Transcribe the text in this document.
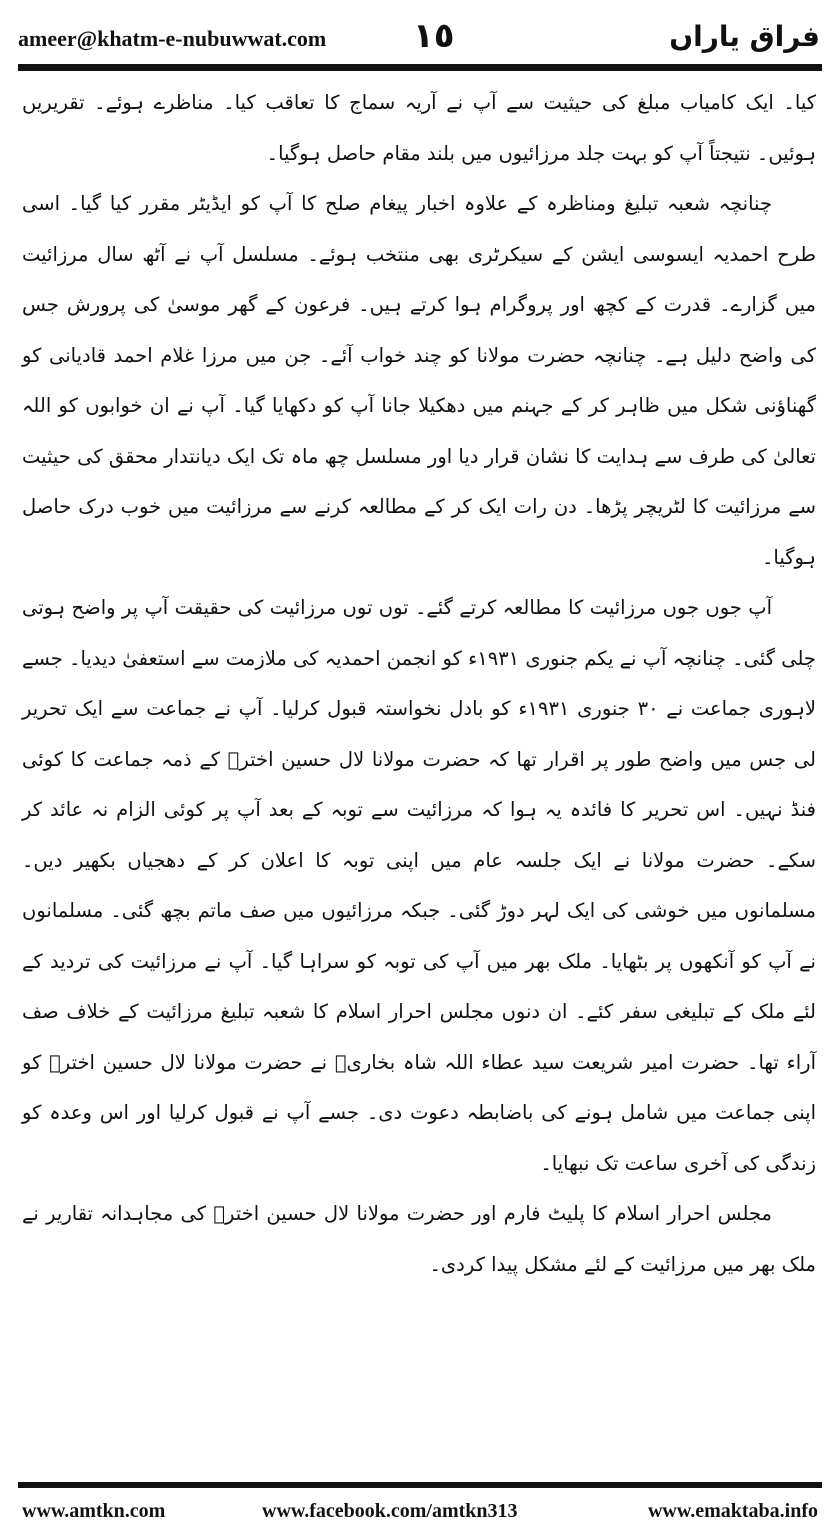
ameer@khatm-e-nubuwwat.com	١٥	فراق یاراں

کیا۔ ایک کامیاب مبلغ کی حیثیت سے آپ نے آریہ سماج کا تعاقب کیا۔ مناظرے ہوئے۔ تقریریں ہوئیں۔ نتیجتاً آپ کو بہت جلد مرزائیوں میں بلند مقام حاصل ہوگیا۔

چنانچہ شعبہ تبلیغ ومناظرہ کے علاوہ اخبار پیغام صلح کا آپ کو ایڈیٹر مقرر کیا گیا۔ اسی طرح احمدیہ ایسوسی ایشن کے سیکرٹری بھی منتخب ہوئے۔ مسلسل آپ نے آٹھ سال مرزائیت میں گزارے۔ قدرت کے کچھ اور پروگرام ہوا کرتے ہیں۔ فرعون کے گھر موسیٰ کی پرورش جس کی واضح دلیل ہے۔ چنانچہ حضرت مولانا کو چند خواب آئے۔ جن میں مرزا غلام احمد قادیانی کو گھناؤنی شکل میں ظاہر کر کے جہنم میں دھکیلا جانا آپ کو دکھایا گیا۔ آپ نے ان خوابوں کو اللہ تعالیٰ کی طرف سے ہدایت کا نشان قرار دیا اور مسلسل چھ ماہ تک ایک دیانتدار محقق کی حیثیت سے مرزائیت کا لٹریچر پڑھا۔ دن رات ایک کر کے مطالعہ کرنے سے مرزائیت میں خوب درک حاصل ہوگیا۔

آپ جوں جوں مرزائیت کا مطالعہ کرتے گئے۔ توں توں مرزائیت کی حقیقت آپ پر واضح ہوتی چلی گئی۔ چنانچہ آپ نے یکم جنوری ۱۹۳۱ء کو انجمن احمدیہ کی ملازمت سے استعفیٰ دیدیا۔ جسے لاہوری جماعت نے ۳۰ جنوری ۱۹۳۱ء کو بادل نخواستہ قبول کرلیا۔ آپ نے جماعت سے ایک تحریر لی جس میں واضح طور پر اقرار تھا کہ حضرت مولانا لال حسین اخترؒ کے ذمہ جماعت کا کوئی فنڈ نہیں۔ اس تحریر کا فائدہ یہ ہوا کہ مرزائیت سے توبہ کے بعد آپ پر کوئی الزام نہ عائد کر سکے۔ حضرت مولانا نے ایک جلسہ عام میں اپنی توبہ کا اعلان کر کے دھجیاں بکھیر دیں۔ مسلمانوں میں خوشی کی ایک لہر دوڑ گئی۔ جبکہ مرزائیوں میں صف ماتم بچھ گئی۔ مسلمانوں نے آپ کو آنکھوں پر بٹھایا۔ ملک بھر میں آپ کی توبہ کو سراہا گیا۔ آپ نے مرزائیت کی تردید کے لئے ملک کے تبلیغی سفر کئے۔ ان دنوں مجلس احرار اسلام کا شعبہ تبلیغ مرزائیت کے خلاف صف آراء تھا۔ حضرت امیر شریعت سید عطاء اللہ شاہ بخاریؒ نے حضرت مولانا لال حسین اخترؒ کو اپنی جماعت میں شامل ہونے کی باضابطہ دعوت دی۔ جسے آپ نے قبول کرلیا اور اس وعدہ کو زندگی کی آخری ساعت تک نبھایا۔

مجلس احرار اسلام کا پلیٹ فارم اور حضرت مولانا لال حسین اخترؒ کی مجاہدانہ تقاریر نے ملک بھر میں مرزائیت کے لئے مشکل پیدا کردی۔

www.amtkn.com	www.facebook.com/amtkn313	www.emaktaba.info
